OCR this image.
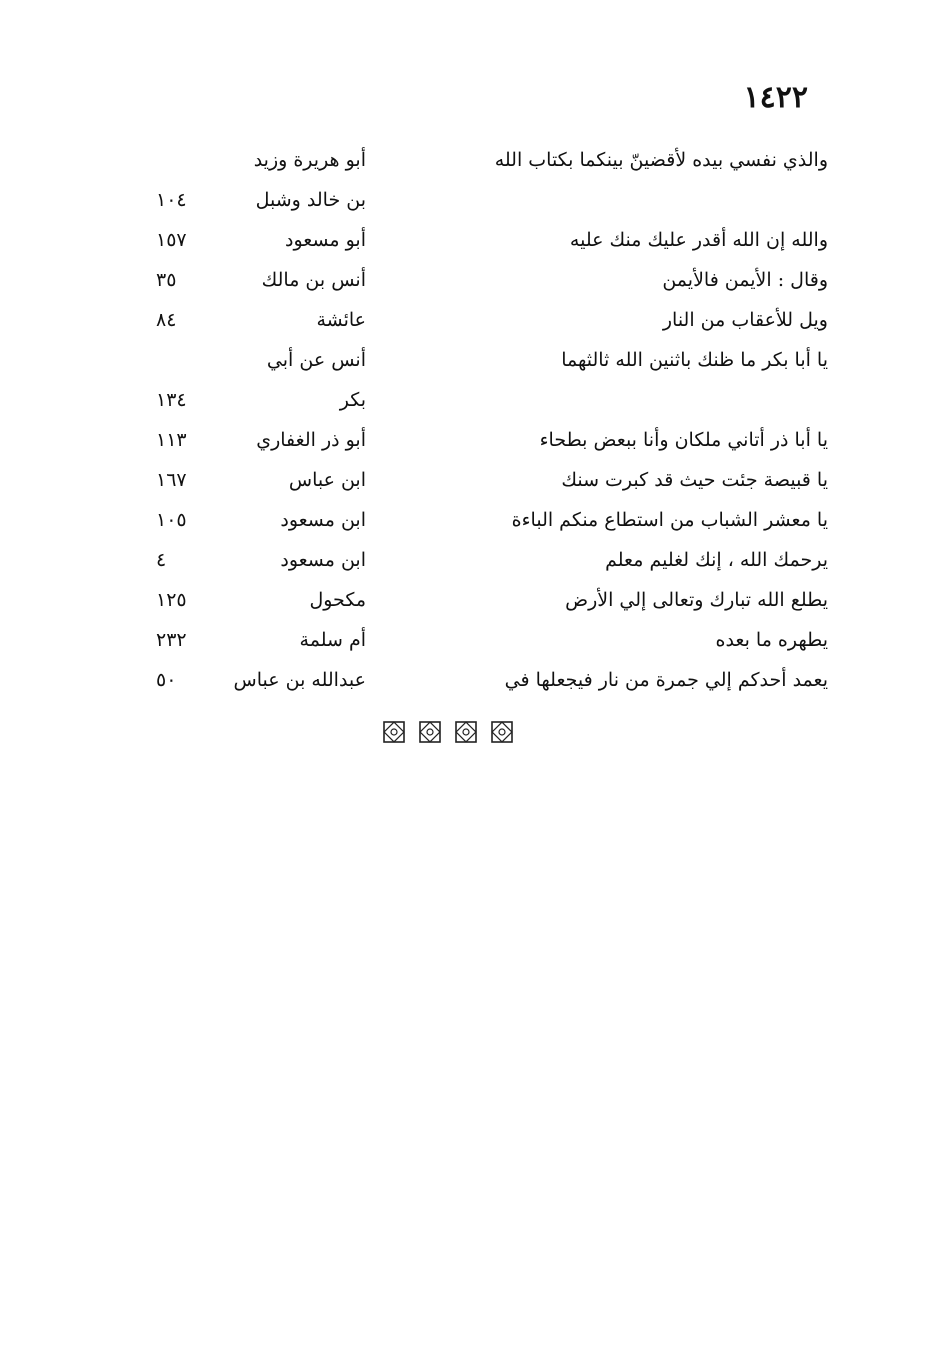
١٤٢٢
والذي نفسي بيده لأقضينّ بينكما بكتاب الله
أبو هريرة وزيد
بن خالد وشبل
١٠٤
والله إن الله أقدر عليك منك عليه
أبو مسعود
١٥٧
وقال : الأيمن فالأيمن
أنس بن مالك
٣٥
ويل للأعقاب من النار
عائشة
٨٤
يا أبا بكر ما ظنك باثنين الله ثالثهما
أنس عن أبي
بكر
١٣٤
يا أبا ذر أتاني ملكان وأنا ببعض بطحاء
أبو ذر الغفاري
١١٣
يا قبيصة جئت حيث قد كبرت سنك
ابن عباس
١٦٧
يا معشر الشباب من استطاع منكم الباءة
ابن مسعود
١٠٥
يرحمك الله ، إنك لغليم معلم
ابن مسعود
٤
يطلع الله تبارك وتعالى إلي الأرض
مكحول
١٢٥
يطهره ما بعده
أم سلمة
٢٣٢
يعمد أحدكم إلي جمرة من نار فيجعلها في
عبدالله بن عباس
٥٠
